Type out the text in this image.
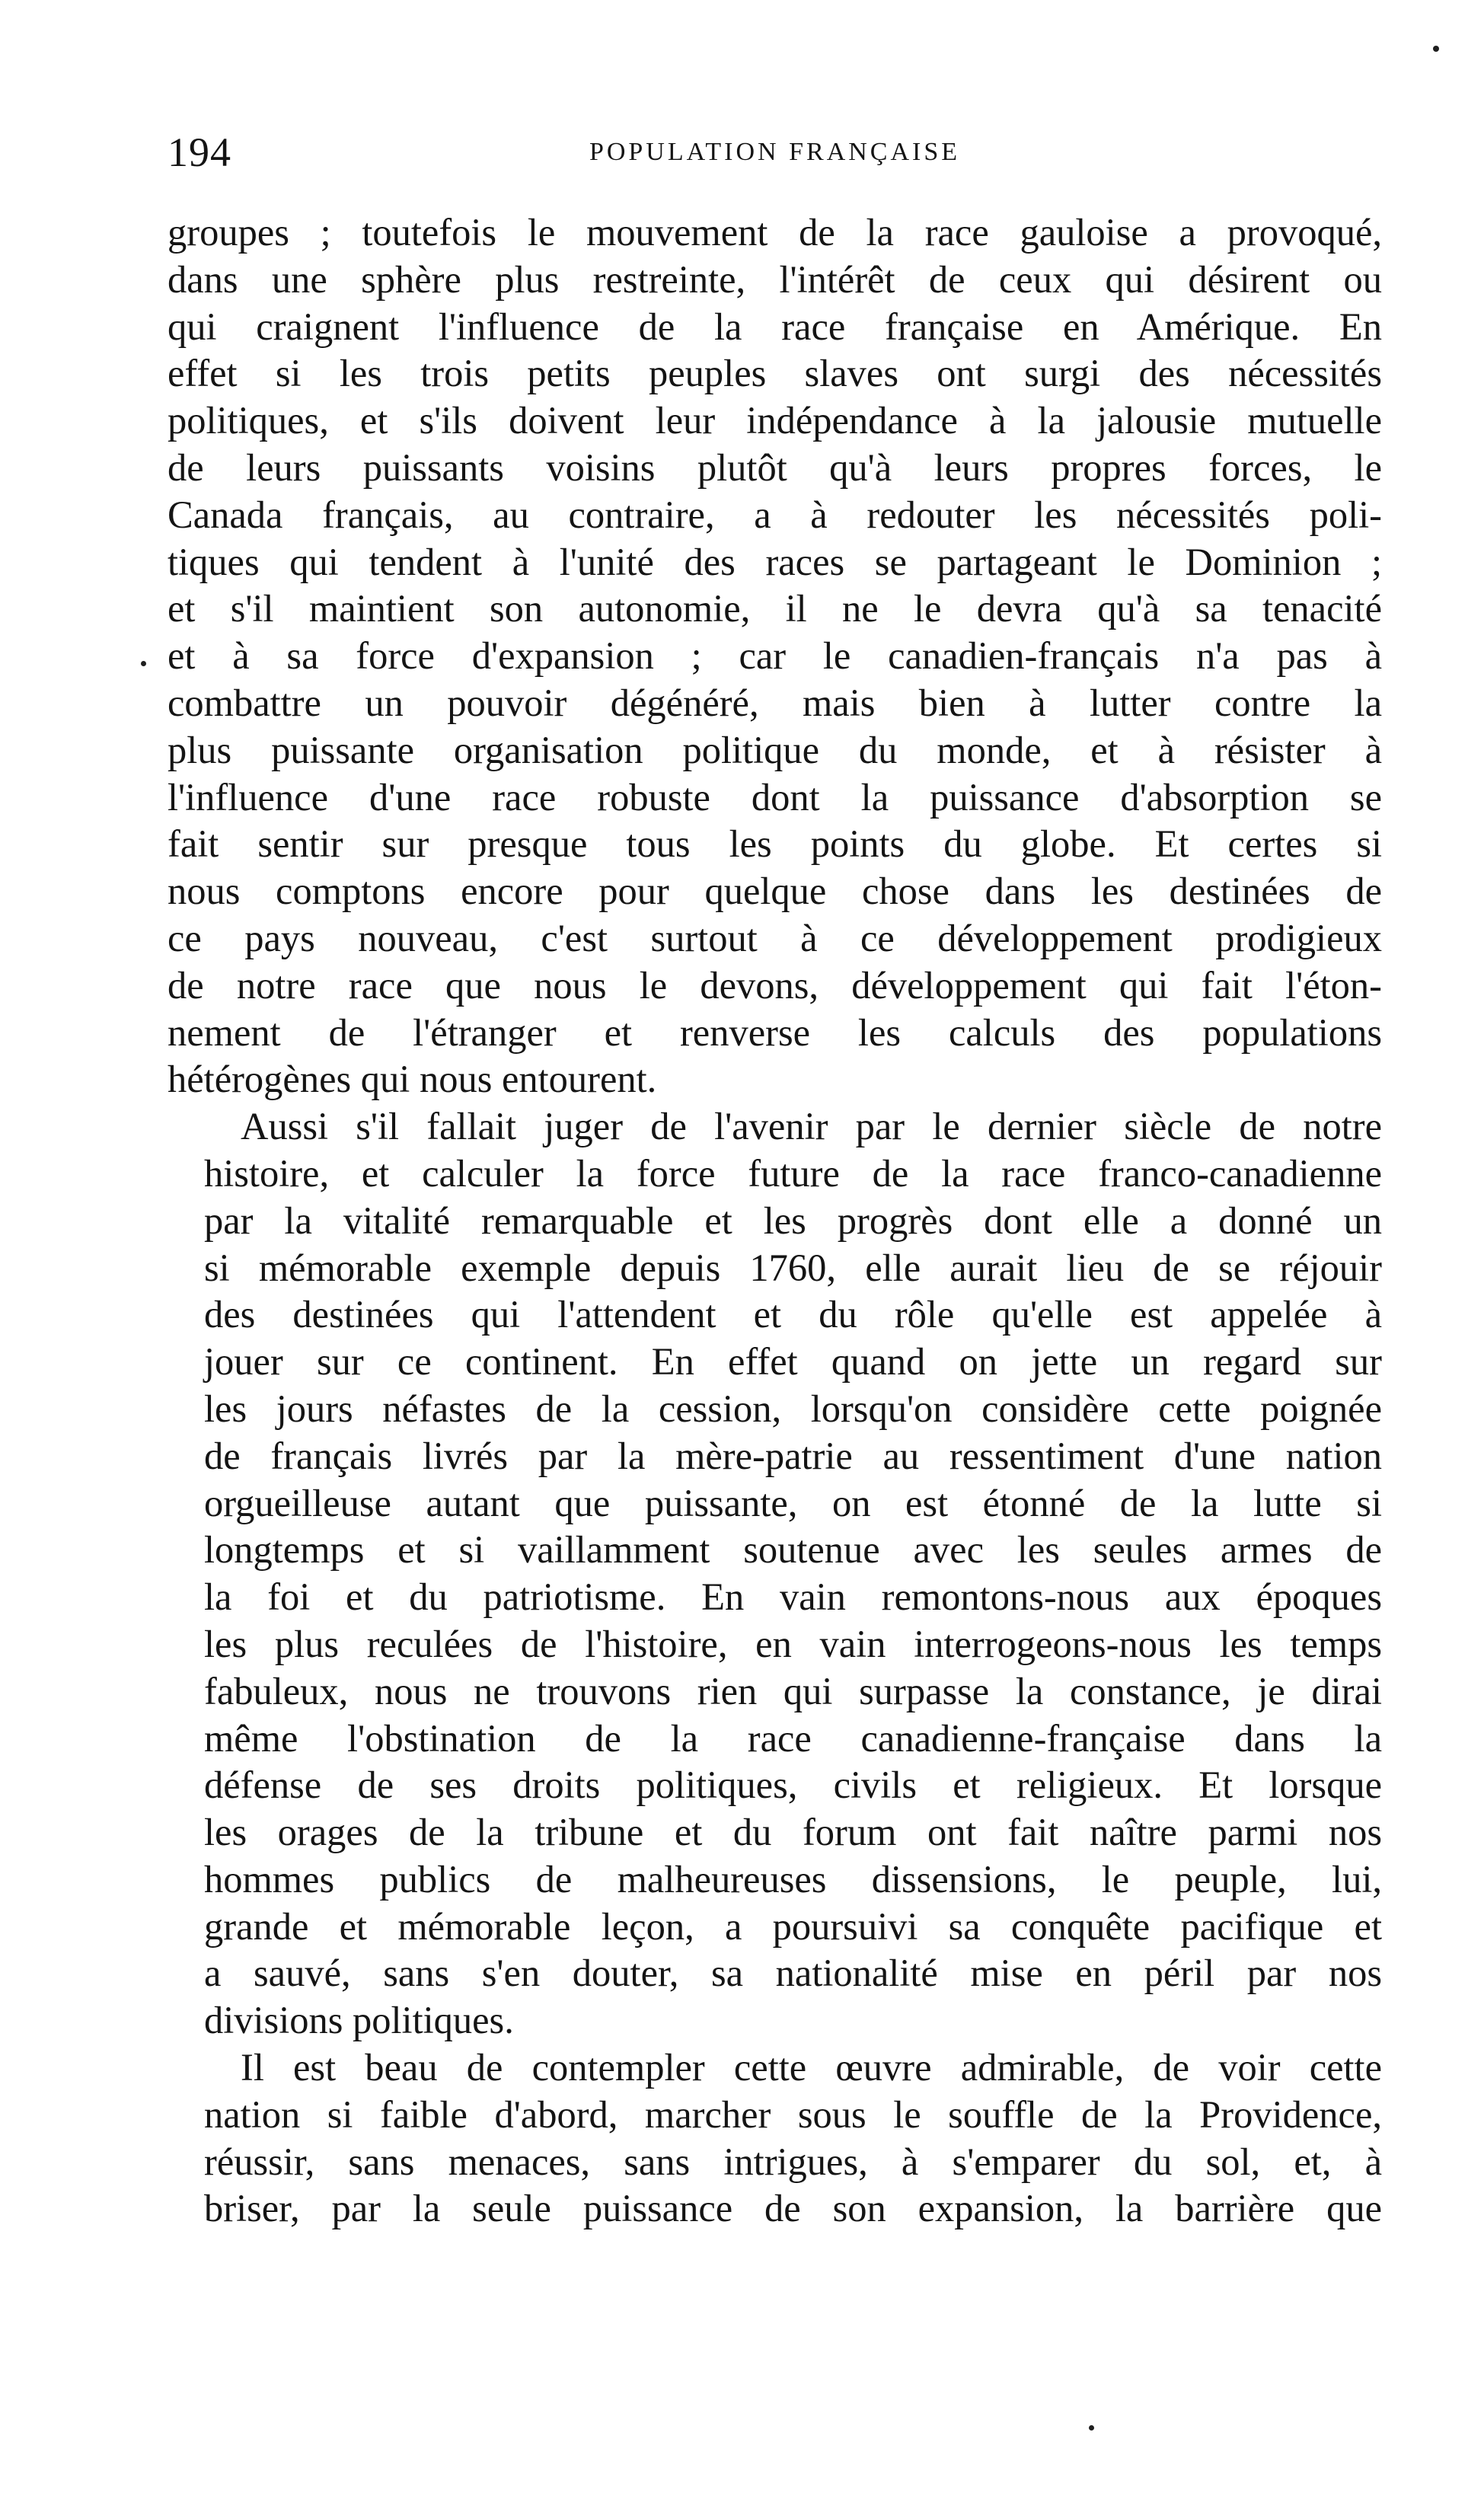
194	POPULATION FRANÇAISE

groupes ; toutefois le mouvement de la race gauloise a provoqué,
dans une sphère plus restreinte, l'intérêt de ceux qui désirent ou
qui craignent l'influence de la race française en Amérique. En
effet si les trois petits peuples slaves ont surgi des nécessités
politiques, et s'ils doivent leur indépendance à la jalousie mutuelle
de leurs puissants voisins plutôt qu'à leurs propres forces, le
Canada français, au contraire, a à redouter les nécessités poli-
tiques qui tendent à l'unité des races se partageant le Dominion ;
et s'il maintient son autonomie, il ne le devra qu'à sa tenacité
et à sa force d'expansion ; car le canadien-français n'a pas à
combattre un pouvoir dégénéré, mais bien à lutter contre la
plus puissante organisation politique du monde, et à résister à
l'influence d'une race robuste dont la puissance d'absorption se
fait sentir sur presque tous les points du globe. Et certes si
nous comptons encore pour quelque chose dans les destinées de
ce pays nouveau, c'est surtout à ce développement prodigieux
de notre race que nous le devons, développement qui fait l'éton-
nement de l'étranger et renverse les calculs des populations
hétérogènes qui nous entourent.

Aussi s'il fallait juger de l'avenir par le dernier siècle de notre
histoire, et calculer la force future de la race franco-canadienne
par la vitalité remarquable et les progrès dont elle a donné un
si mémorable exemple depuis 1760, elle aurait lieu de se réjouir
des destinées qui l'attendent et du rôle qu'elle est appelée à
jouer sur ce continent. En effet quand on jette un regard sur
les jours néfastes de la cession, lorsqu'on considère cette poignée
de français livrés par la mère-patrie au ressentiment d'une nation
orgueilleuse autant que puissante, on est étonné de la lutte si
longtemps et si vaillamment soutenue avec les seules armes de
la foi et du patriotisme. En vain remontons-nous aux époques
les plus reculées de l'histoire, en vain interrogeons-nous les temps
fabuleux, nous ne trouvons rien qui surpasse la constance, je dirai
même l'obstination de la race canadienne-française dans la
défense de ses droits politiques, civils et religieux. Et lorsque
les orages de la tribune et du forum ont fait naître parmi nos
hommes publics de malheureuses dissensions, le peuple, lui,
grande et mémorable leçon, a poursuivi sa conquête pacifique et
a sauvé, sans s'en douter, sa nationalité mise en péril par nos
divisions politiques.

Il est beau de contempler cette œuvre admirable, de voir cette
nation si faible d'abord, marcher sous le souffle de la Providence,
réussir, sans menaces, sans intrigues, à s'emparer du sol, et, à
briser, par la seule puissance de son expansion, la barrière que
